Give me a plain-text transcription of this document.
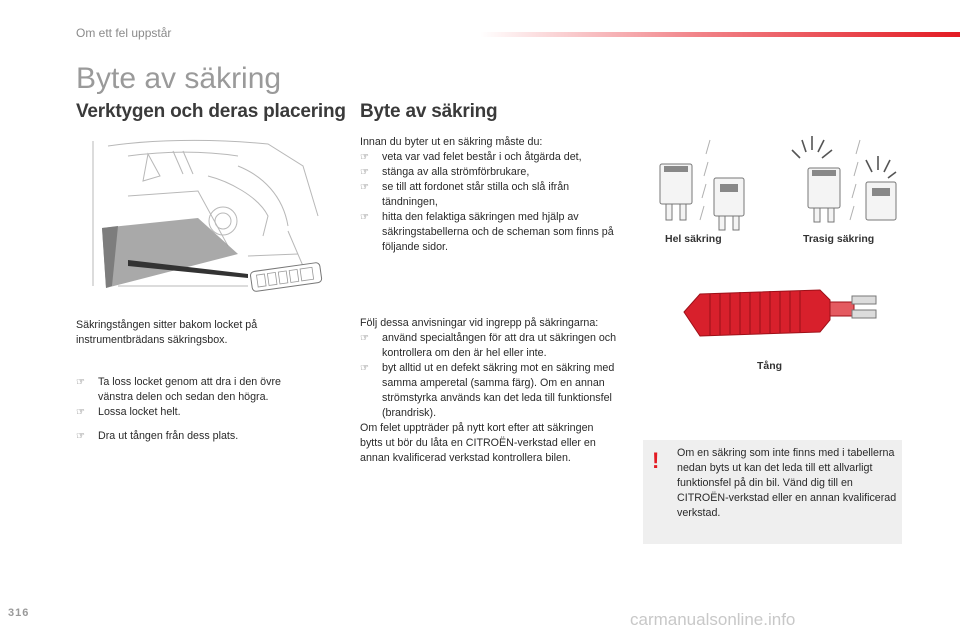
Om ett fel uppstår
Byte av säkring
Verktygen och deras placering Byte av säkring
Säkringstången sitter bakom locket på instrumentbrädans säkringsbox.
☞ Ta loss locket genom att dra i den övre vänstra delen och sedan den högra.
☞ Lossa locket helt.
☞ Dra ut tången från dess plats.
Innan du byter ut en säkring måste du:
☞ veta var vad felet består i och åtgärda det,
☞ stänga av alla strömförbrukare,
☞ se till att fordonet står stilla och slå ifrån tändningen,
☞ hitta den felaktiga säkringen med hjälp av säkringstabellerna och de scheman som finns på följande sidor.
Följ dessa anvisningar vid ingrepp på säkringarna:
☞ använd specialtången för att dra ut säkringen och kontrollera om den är hel eller inte.
☞ byt alltid ut en defekt säkring mot en säkring med samma amperetal (samma färg). Om en annan strömstyrka används kan det leda till funktionsfel (brandrisk).
Om felet uppträder på nytt kort efter att säkringen bytts ut bör du låta en CITROËN-verkstad eller en annan kvalificerad verkstad kontrollera bilen.
Hel säkring	Trasig säkring
Tång
! Om en säkring som inte finns med i tabellerna nedan byts ut kan det leda till ett allvarligt funktionsfel på din bil. Vänd dig till en CITROËN-verkstad eller en annan kvalificerad verkstad.
316	carmanualsonline.info
